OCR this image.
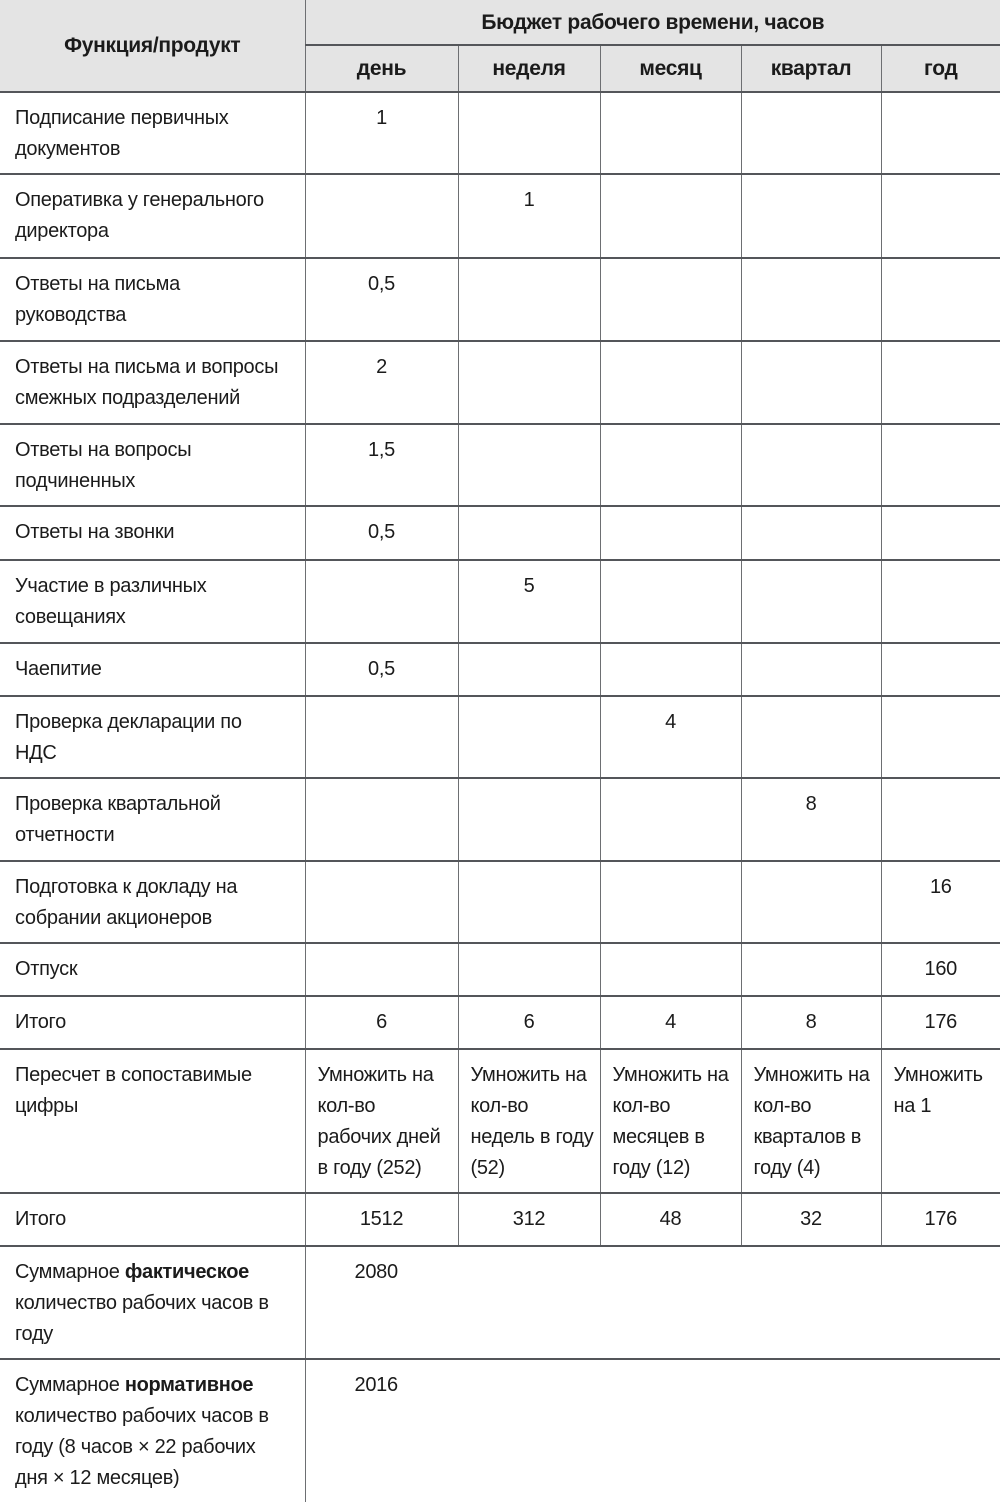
Функция/продукт	Бюджет рабочего времени, часов				
	день	неделя	месяц	квартал	год
Подписание первичных документов	1				
Оперативка у генерального директора		1			
Ответы на письма руководства	0,5				
Ответы на письма и вопросы смежных подразделений	2				
Ответы на вопросы подчиненных	1,5				
Ответы на звонки	0,5				
Участие в различных совещаниях		5			
Чаепитие	0,5				
Проверка декларации по НДС			4		
Проверка квартальной отчетности				8	
Подготовка к докладу на собрании акционеров					16
Отпуск					160
Итого	6	6	4	8	176
Пересчет в сопоставимые цифры	Умножить на кол-во рабочих дней в году (252)	Умножить на кол-во недель в году (52)	Умножить на кол-во месяцев в году (12)	Умножить на кол-во кварталов в году (4)	Умножить на 1
Итого	1512	312	48	32	176
Суммарное фактическое количество рабочих часов в году	2080				
Суммарное нормативное количество рабочих часов в году (8 часов × 22 рабочих дня × 12 месяцев)	2016				
